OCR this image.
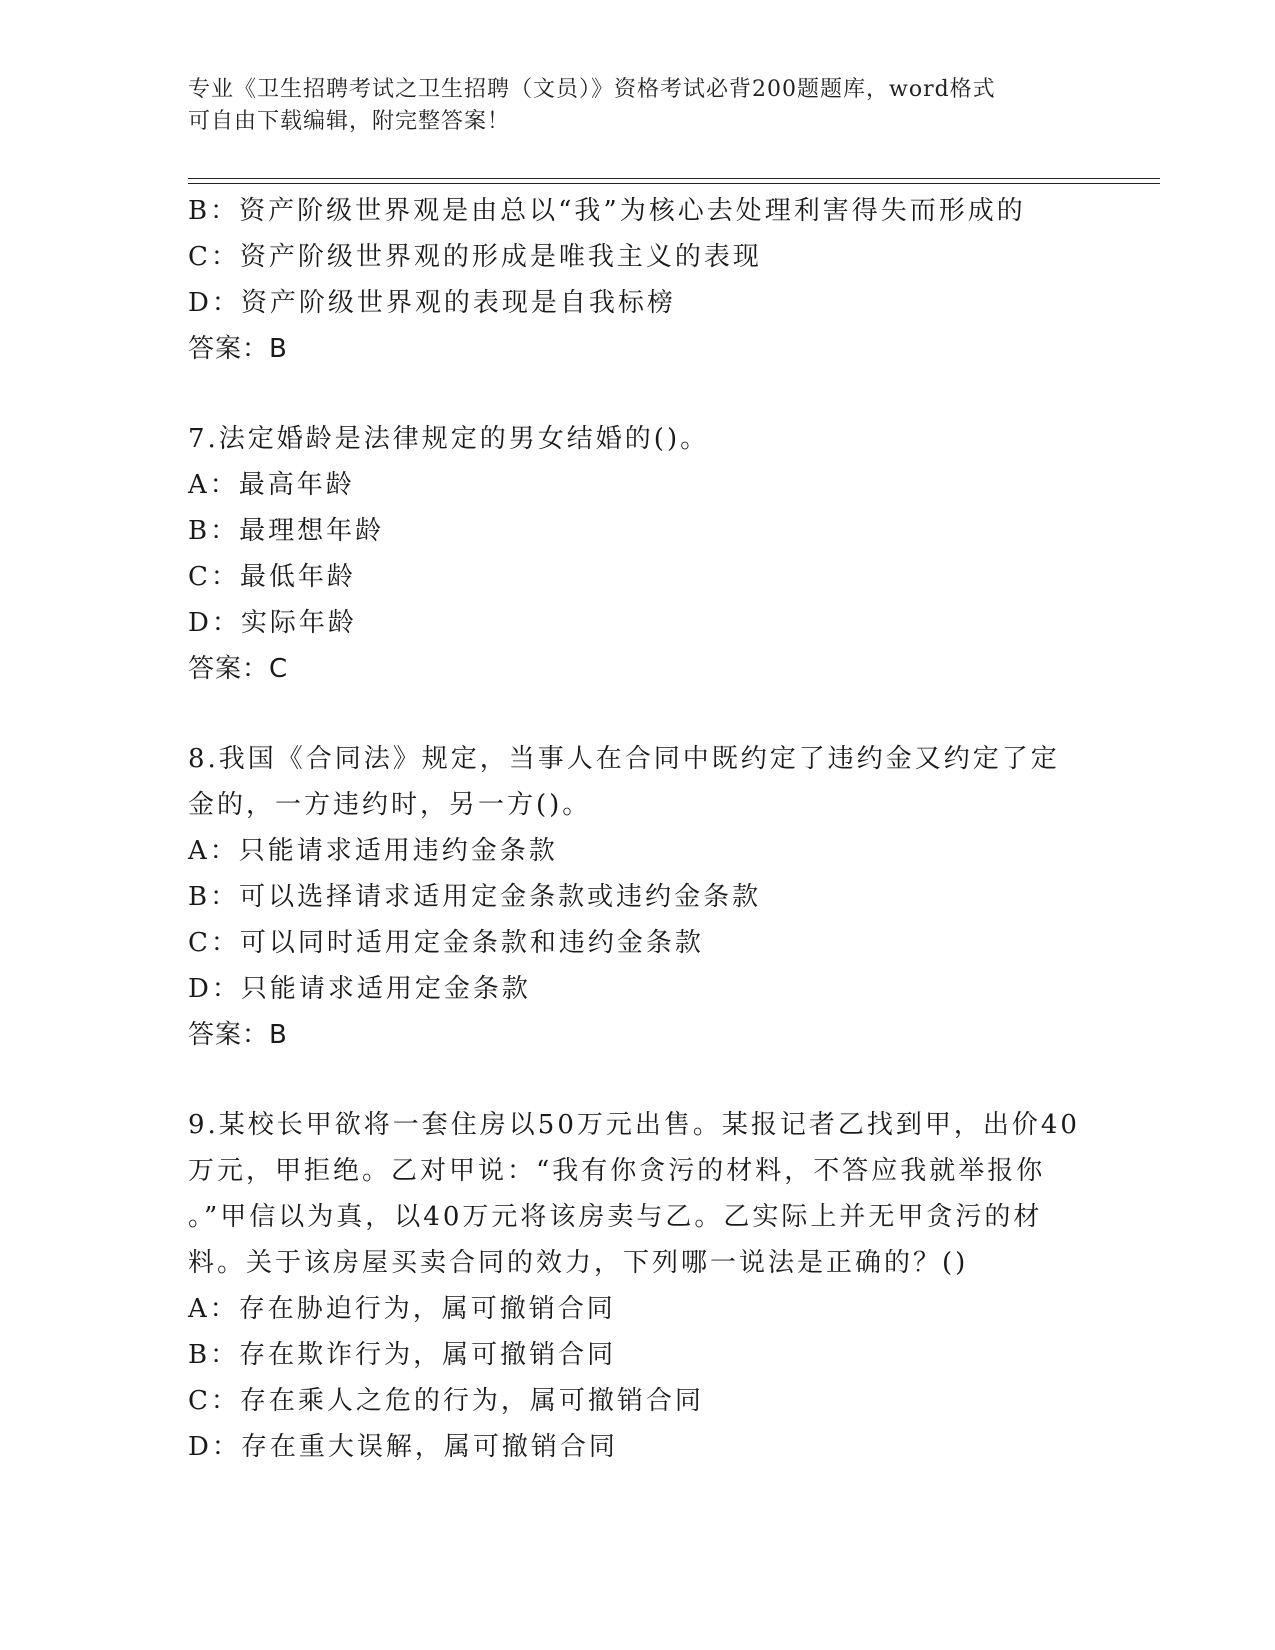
专业《卫生招聘考试之卫生招聘（文员）》资格考试必背200题题库，word格式
可自由下载编辑，附完整答案！
B：资产阶级世界观是由总以“我”为核心去处理利害得失而形成的
C：资产阶级世界观的形成是唯我主义的表现
D：资产阶级世界观的表现是自我标榜
答案：B
7.法定婚龄是法律规定的男女结婚的()。
A：最高年龄
B：最理想年龄
C：最低年龄
D：实际年龄
答案：C
8.我国《合同法》规定，当事人在合同中既约定了违约金又约定了定
金的，一方违约时，另一方()。
A：只能请求适用违约金条款
B：可以选择请求适用定金条款或违约金条款
C：可以同时适用定金条款和违约金条款
D：只能请求适用定金条款
答案：B
9.某校长甲欲将一套住房以50万元出售。某报记者乙找到甲，出价40
万元，甲拒绝。乙对甲说：“我有你贪污的材料，不答应我就举报你
。”甲信以为真，以40万元将该房卖与乙。乙实际上并无甲贪污的材
料。关于该房屋买卖合同的效力，下列哪一说法是正确的？()
A：存在胁迫行为，属可撤销合同
B：存在欺诈行为，属可撤销合同
C：存在乘人之危的行为，属可撤销合同
D：存在重大误解，属可撤销合同
